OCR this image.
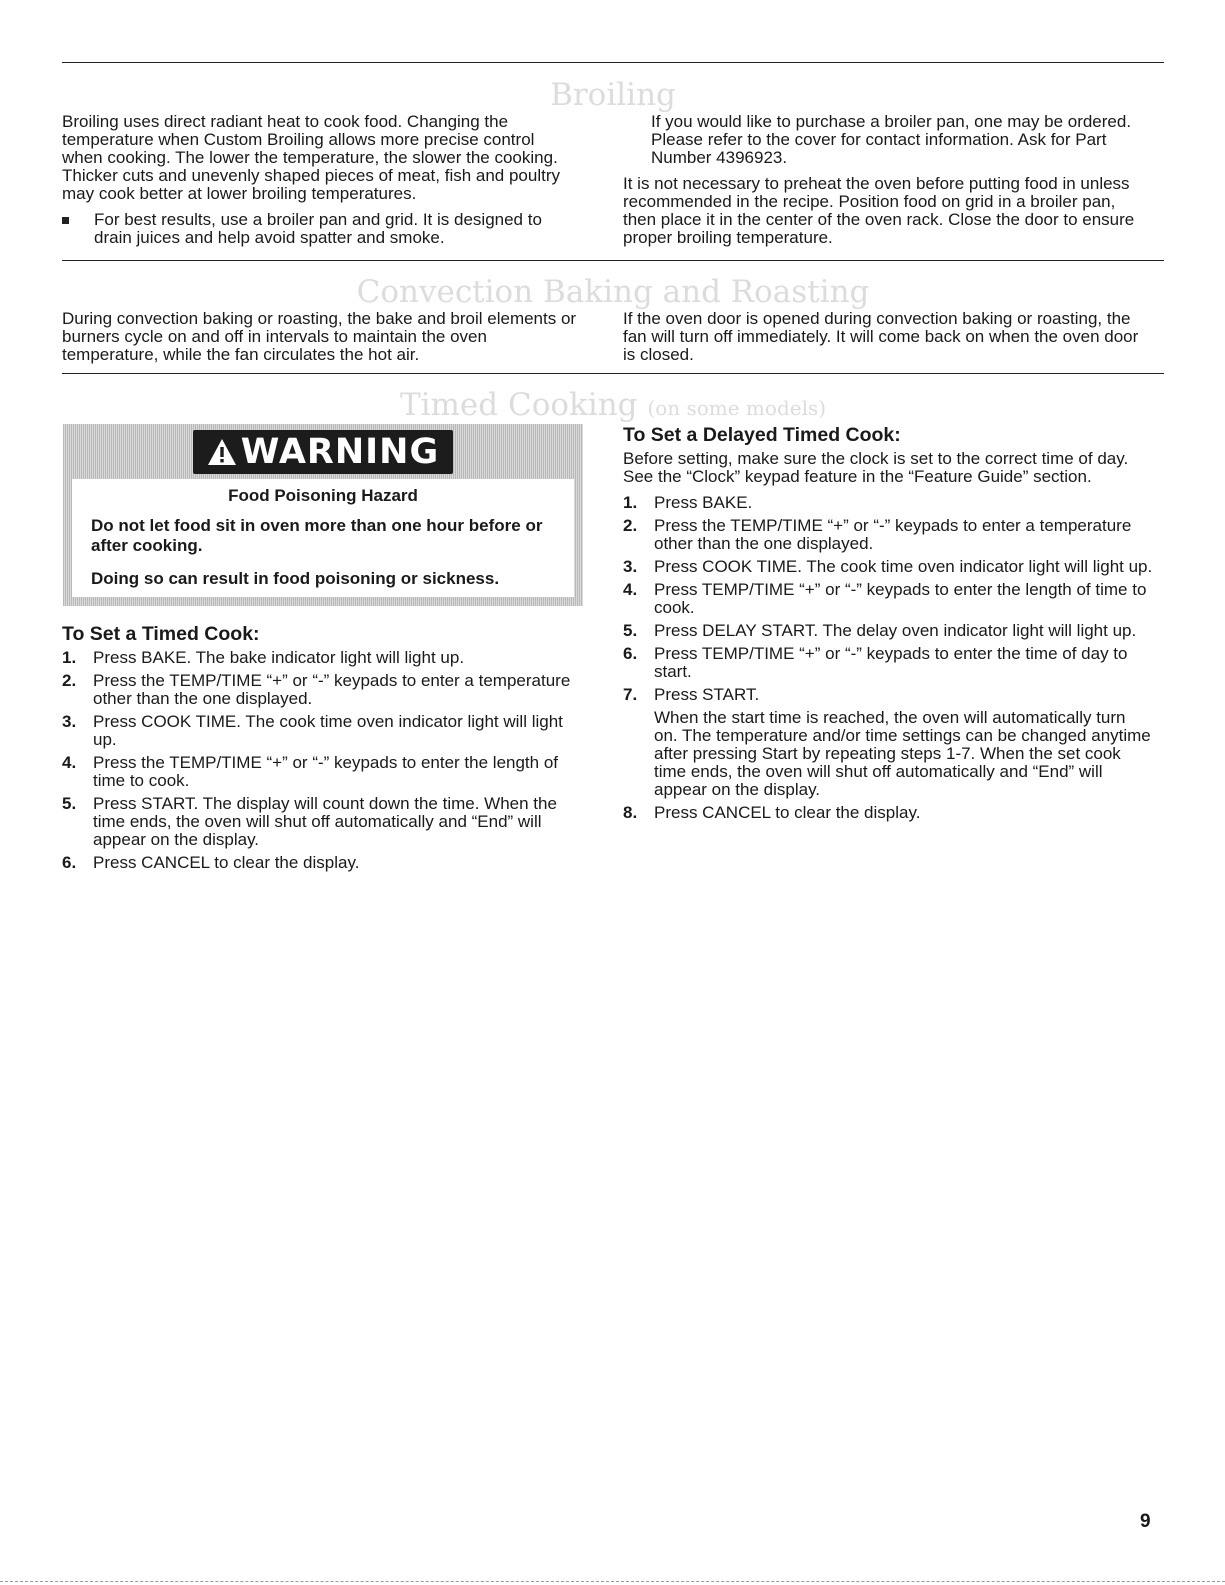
Broiling

Broiling uses direct radiant heat to cook food. Changing the temperature when Custom Broiling allows more precise control when cooking. The lower the temperature, the slower the cooking. Thicker cuts and unevenly shaped pieces of meat, fish and poultry may cook better at lower broiling temperatures.

For best results, use a broiler pan and grid. It is designed to drain juices and help avoid spatter and smoke.

If you would like to purchase a broiler pan, one may be ordered. Please refer to the cover for contact information. Ask for Part Number 4396923.

It is not necessary to preheat the oven before putting food in unless recommended in the recipe. Position food on grid in a broiler pan, then place it in the center of the oven rack. Close the door to ensure proper broiling temperature.

Convection Baking and Roasting

During convection baking or roasting, the bake and broil elements or burners cycle on and off in intervals to maintain the oven temperature, while the fan circulates the hot air.

If the oven door is opened during convection baking or roasting, the fan will turn off immediately. It will come back on when the oven door is closed.

Timed Cooking (on some models)
WARNING
Food Poisoning Hazard
Do not let food sit in oven more than one hour before or after cooking.
Doing so can result in food poisoning or sickness.
To Set a Timed Cook:
1. Press BAKE. The bake indicator light will light up.
2. Press the TEMP/TIME “+” or “-” keypads to enter a temperature other than the one displayed.
3. Press COOK TIME. The cook time oven indicator light will light up.
4. Press the TEMP/TIME “+” or “-” keypads to enter the length of time to cook.
5. Press START. The display will count down the time. When the time ends, the oven will shut off automatically and “End” will appear on the display.
6. Press CANCEL to clear the display.
To Set a Delayed Timed Cook:

Before setting, make sure the clock is set to the correct time of day. See the “Clock” keypad feature in the “Feature Guide” section.

1. Press BAKE.
2. Press the TEMP/TIME “+” or “-” keypads to enter a temperature other than the one displayed.
3. Press COOK TIME. The cook time oven indicator light will light up.
4. Press TEMP/TIME “+” or “-” keypads to enter the length of time to cook.
5. Press DELAY START. The delay oven indicator light will light up.
6. Press TEMP/TIME “+” or “-” keypads to enter the time of day to start.
7. Press START.
When the start time is reached, the oven will automatically turn on. The temperature and/or time settings can be changed anytime after pressing Start by repeating steps 1-7. When the set cook time ends, the oven will shut off automatically and “End” will appear on the display.
8. Press CANCEL to clear the display.
9
